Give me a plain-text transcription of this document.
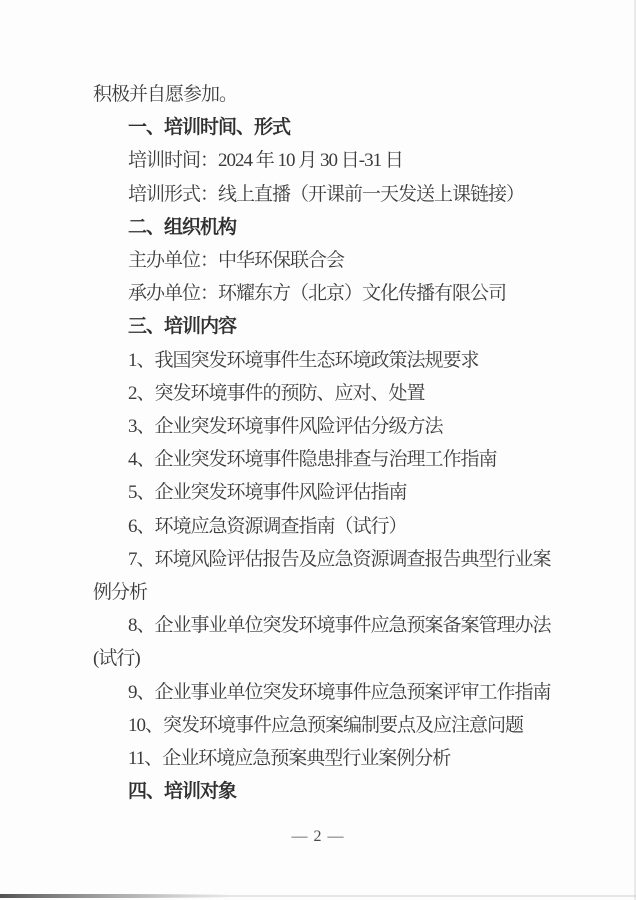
积极并自愿参加。
一、培训时间、形式
培训时间：2024 年 10 月 30 日-31 日
培训形式：线上直播（开课前一天发送上课链接）
二、组织机构
主办单位：中华环保联合会
承办单位：环耀东方（北京）文化传播有限公司
三、培训内容
1、我国突发环境事件生态环境政策法规要求
2、突发环境事件的预防、应对、处置
3、企业突发环境事件风险评估分级方法
4、企业突发环境事件隐患排查与治理工作指南
5、企业突发环境事件风险评估指南
6、环境应急资源调查指南（试行）
7、环境风险评估报告及应急资源调查报告典型行业案
例分析
8、企业事业单位突发环境事件应急预案备案管理办法
(试行)
9、企业事业单位突发环境事件应急预案评审工作指南
10、突发环境事件应急预案编制要点及应注意问题
11、企业环境应急预案典型行业案例分析
四、培训对象
— 2 —
